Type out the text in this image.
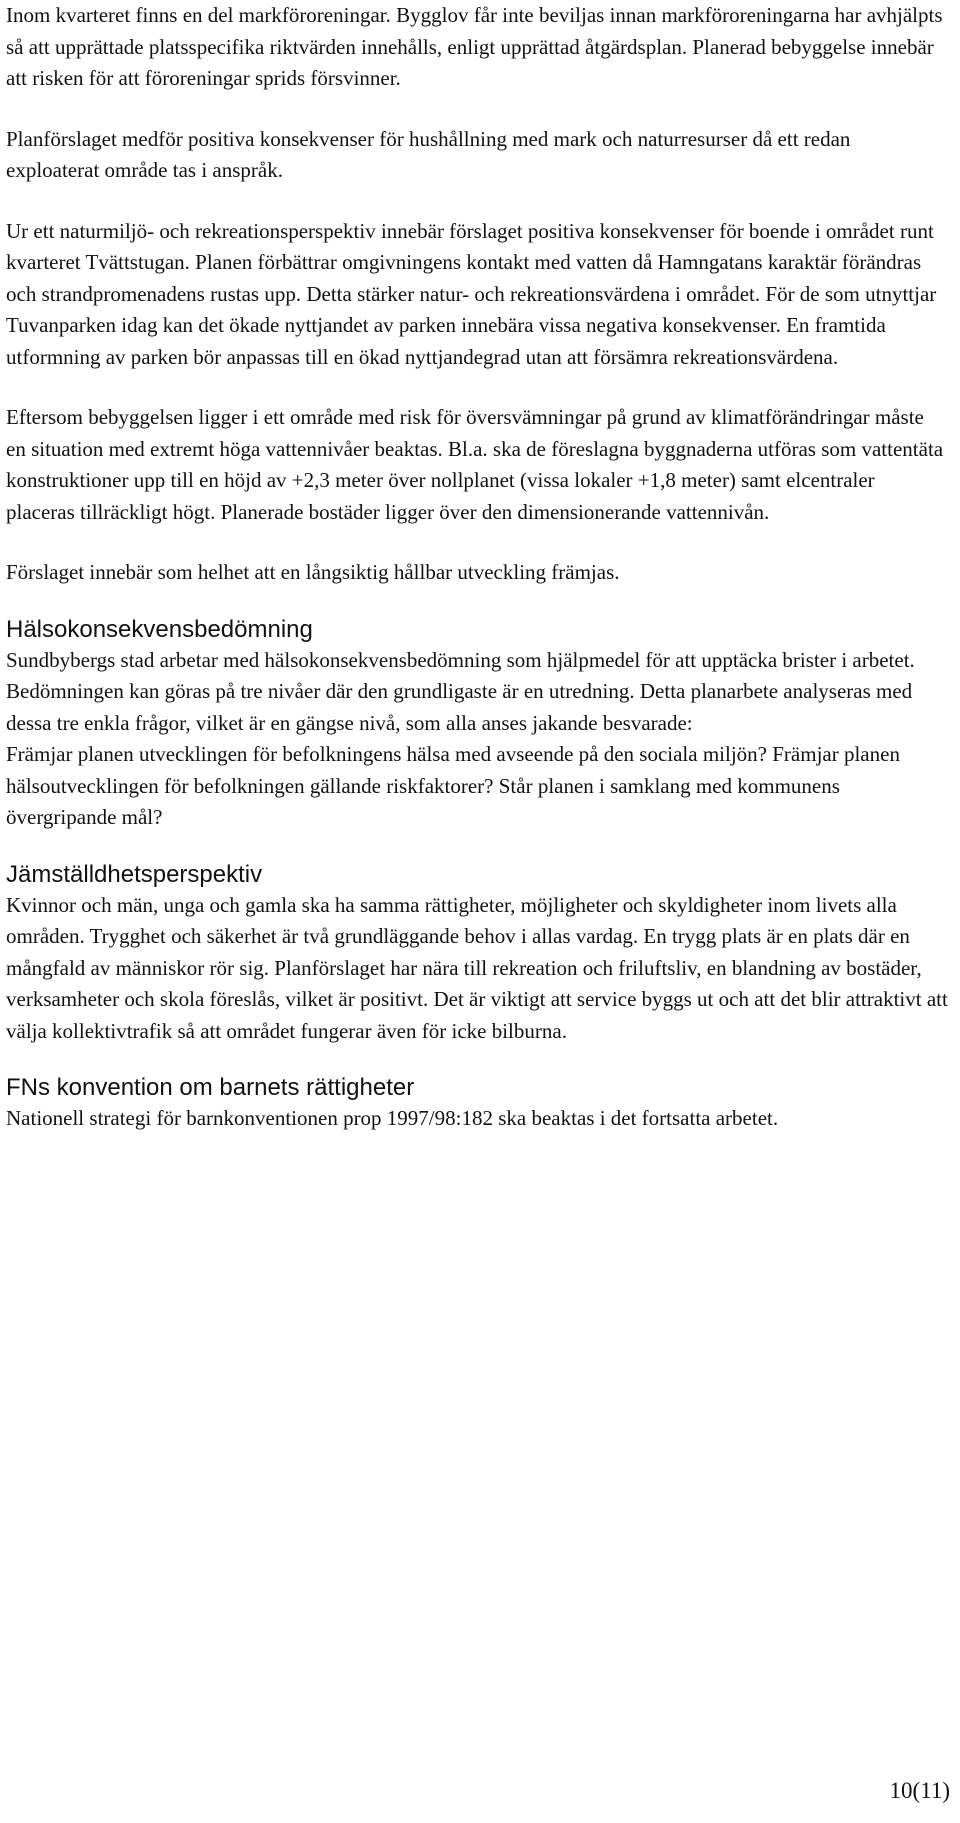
Inom kvarteret finns en del markföroreningar. Bygglov får inte beviljas innan markföroreningarna har avhjälpts så att upprättade platsspecifika riktvärden innehålls, enligt upprättad åtgärdsplan. Planerad bebyggelse innebär att risken för att föroreningar sprids försvinner.

Planförslaget medför positiva konsekvenser för hushållning med mark och naturresurser då ett redan exploaterat område tas i anspråk.

Ur ett naturmiljö- och rekreationsperspektiv innebär förslaget positiva konsekvenser för boende i området runt kvarteret Tvättstugan. Planen förbättrar omgivningens kontakt med vatten då Hamngatans karaktär förändras och strandpromenadens rustas upp. Detta stärker natur- och rekreationsvärdena i området. För de som utnyttjar Tuvanparken idag kan det ökade nyttjandet av parken innebära vissa negativa konsekvenser. En framtida utformning av parken bör anpassas till en ökad nyttjandegrad utan att försämra rekreationsvärdena.

Eftersom bebyggelsen ligger i ett område med risk för översvämningar på grund av klimatförändringar måste en situation med extremt höga vattennivåer beaktas. Bl.a. ska de föreslagna byggnaderna utföras som vattentäta konstruktioner upp till en höjd av +2,3 meter över nollplanet (vissa lokaler +1,8 meter) samt elcentraler placeras tillräckligt högt. Planerade bostäder ligger över den dimensionerande vattennivån.

Förslaget innebär som helhet att en långsiktig hållbar utveckling främjas.

Hälsokonsekvensbedömning

Sundbybergs stad arbetar med hälsokonsekvensbedömning som hjälpmedel för att upptäcka brister i arbetet. Bedömningen kan göras på tre nivåer där den grundligaste är en utredning. Detta planarbete analyseras med dessa tre enkla frågor, vilket är en gängse nivå, som alla anses jakande besvarade:

Främjar planen utvecklingen för befolkningens hälsa med avseende på den sociala miljön? Främjar planen hälsoutvecklingen för befolkningen gällande riskfaktorer? Står planen i samklang med kommunens övergripande mål?

Jämställdhetsperspektiv

Kvinnor och män, unga och gamla ska ha samma rättigheter, möjligheter och skyldigheter inom livets alla områden. Trygghet och säkerhet är två grundläggande behov i allas vardag. En trygg plats är en plats där en mångfald av människor rör sig. Planförslaget har nära till rekreation och friluftsliv, en blandning av bostäder, verksamheter och skola föreslås, vilket är positivt. Det är viktigt att service byggs ut och att det blir attraktivt att välja kollektivtrafik så att området fungerar även för icke bilburna.

FNs konvention om barnets rättigheter

Nationell strategi för barnkonventionen prop 1997/98:182 ska beaktas i det fortsatta arbetet.

10(11)
